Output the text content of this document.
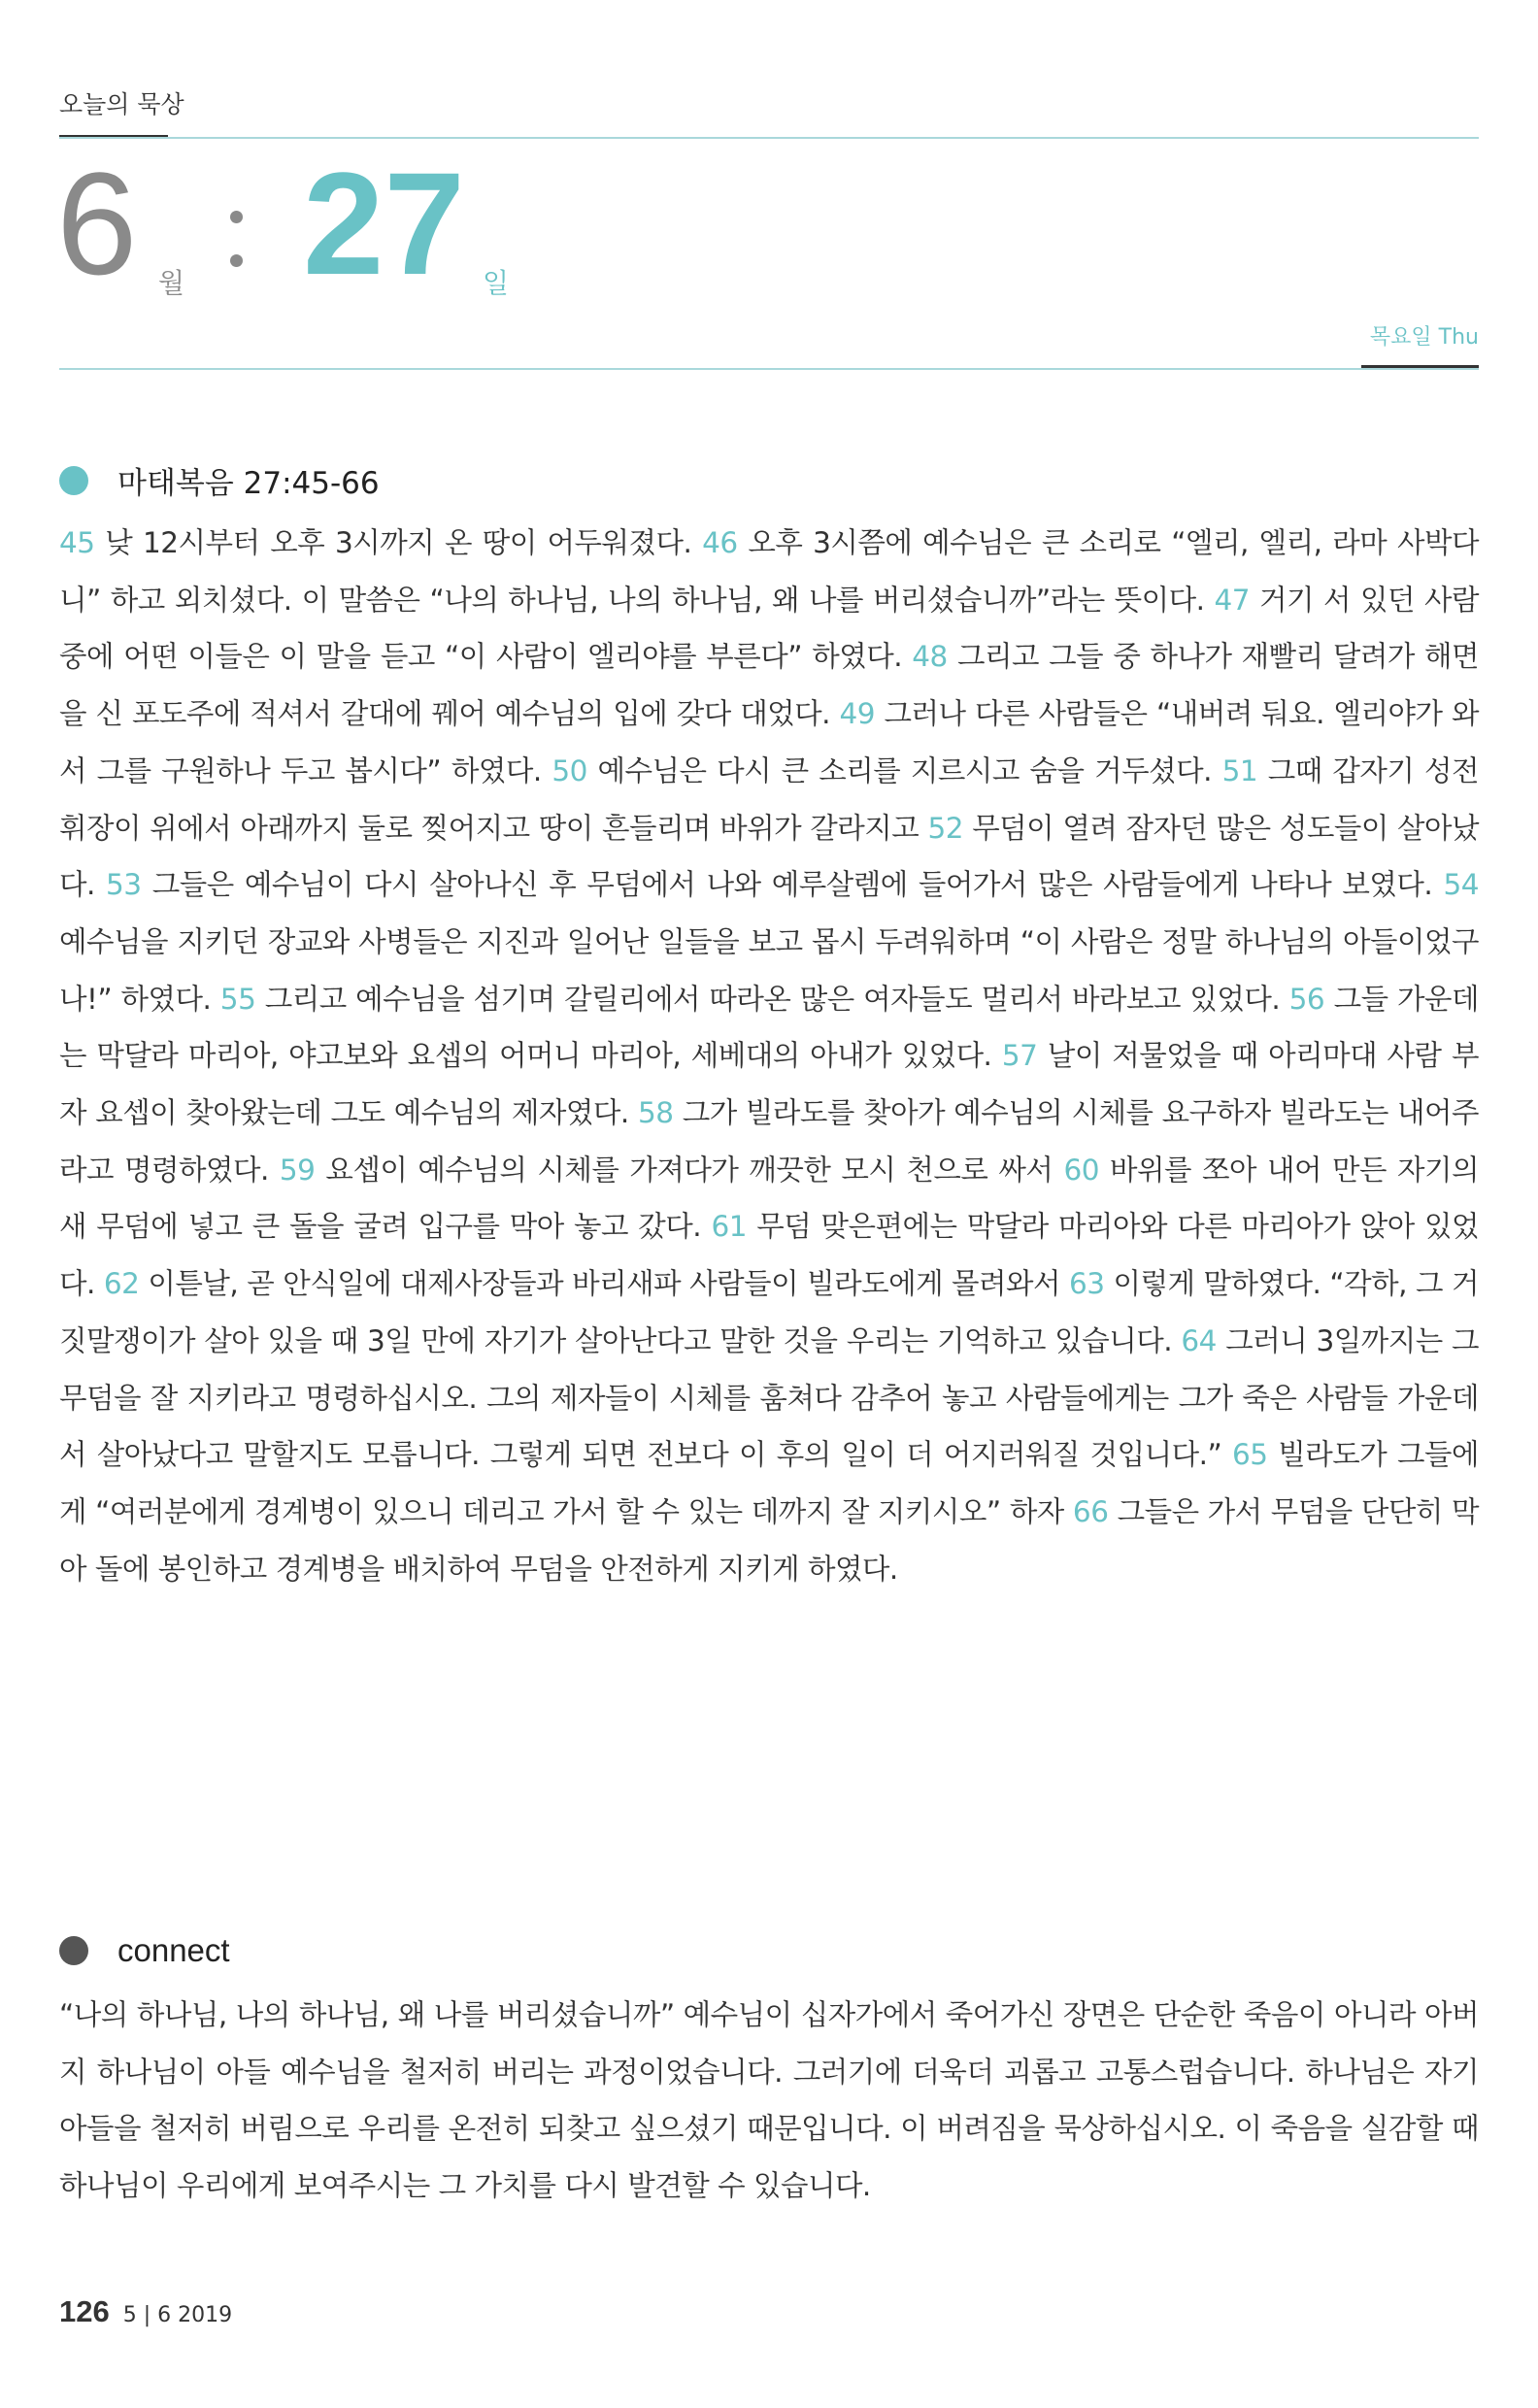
오늘의 묵상
6 월 27 일
목요일 Thu
마태복음 27:45-66
45 낮 12시부터 오후 3시까지 온 땅이 어두워졌다. 46 오후 3시쯤에 예수님은 큰 소리로 “엘리, 엘리, 라마 사박다니” 하고 외치셨다. 이 말씀은 “나의 하나님, 나의 하나님, 왜 나를 버리셨습니까”라는 뜻이다. 47 거기 서 있던 사람 중에 어떤 이들은 이 말을 듣고 “이 사람이 엘리야를 부른다” 하였다. 48 그리고 그들 중 하나가 재빨리 달려가 해면을 신 포도주에 적셔서 갈대에 꿰어 예수님의 입에 갖다 대었다. 49 그러나 다른 사람들은 “내버려 둬요. 엘리야가 와서 그를 구원하나 두고 봅시다” 하였다. 50 예수님은 다시 큰 소리를 지르시고 숨을 거두셨다. 51 그때 갑자기 성전 휘장이 위에서 아래까지 둘로 찢어지고 땅이 흔들리며 바위가 갈라지고 52 무덤이 열려 잠자던 많은 성도들이 살아났다. 53 그들은 예수님이 다시 살아나신 후 무덤에서 나와 예루살렘에 들어가서 많은 사람들에게 나타나 보였다. 54 예수님을 지키던 장교와 사병들은 지진과 일어난 일들을 보고 몹시 두려워하며 “이 사람은 정말 하나님의 아들이었구나!” 하였다. 55 그리고 예수님을 섬기며 갈릴리에서 따라온 많은 여자들도 멀리서 바라보고 있었다. 56 그들 가운데는 막달라 마리아, 야고보와 요셉의 어머니 마리아, 세베대의 아내가 있었다. 57 날이 저물었을 때 아리마대 사람 부자 요셉이 찾아왔는데 그도 예수님의 제자였다. 58 그가 빌라도를 찾아가 예수님의 시체를 요구하자 빌라도는 내어주라고 명령하였다. 59 요셉이 예수님의 시체를 가져다가 깨끗한 모시 천으로 싸서 60 바위를 쪼아 내어 만든 자기의 새 무덤에 넣고 큰 돌을 굴려 입구를 막아 놓고 갔다. 61 무덤 맞은편에는 막달라 마리아와 다른 마리아가 앉아 있었다. 62 이튿날, 곧 안식일에 대제사장들과 바리새파 사람들이 빌라도에게 몰려와서 63 이렇게 말하였다. “각하, 그 거짓말쟁이가 살아 있을 때 3일 만에 자기가 살아난다고 말한 것을 우리는 기억하고 있습니다. 64 그러니 3일까지는 그 무덤을 잘 지키라고 명령하십시오. 그의 제자들이 시체를 훔쳐다 감추어 놓고 사람들에게는 그가 죽은 사람들 가운데서 살아났다고 말할지도 모릅니다. 그렇게 되면 전보다 이 후의 일이 더 어지러워질 것입니다.” 65 빌라도가 그들에게 “여러분에게 경계병이 있으니 데리고 가서 할 수 있는 데까지 잘 지키시오” 하자 66 그들은 가서 무덤을 단단히 막아 돌에 봉인하고 경계병을 배치하여 무덤을 안전하게 지키게 하였다.
connect
“나의 하나님, 나의 하나님, 왜 나를 버리셨습니까” 예수님이 십자가에서 죽어가신 장면은 단순한 죽음이 아니라 아버지 하나님이 아들 예수님을 철저히 버리는 과정이었습니다. 그러기에 더욱더 괴롭고 고통스럽습니다. 하나님은 자기 아들을 철저히 버림으로 우리를 온전히 되찾고 싶으셨기 때문입니다. 이 버려짐을 묵상하십시오. 이 죽음을 실감할 때 하나님이 우리에게 보여주시는 그 가치를 다시 발견할 수 있습니다.
126 5 | 6 2019
